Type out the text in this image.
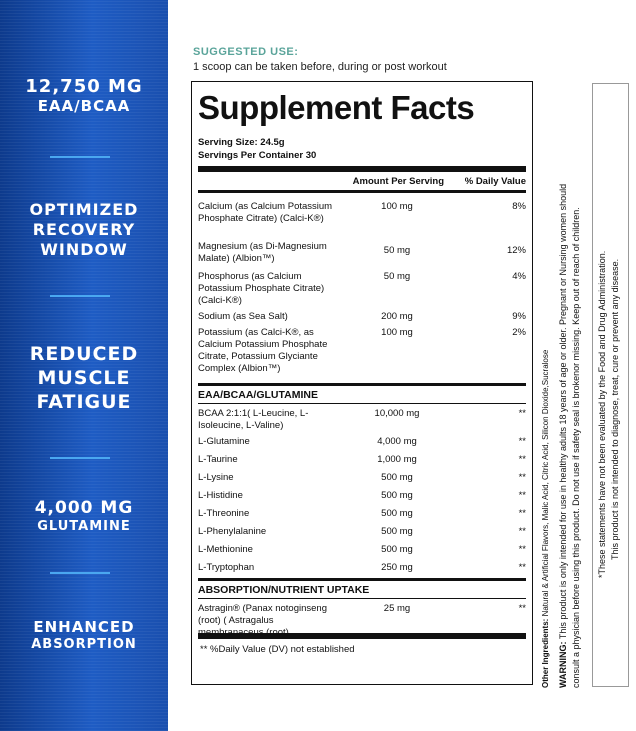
12,750 MG
EAA/BCAA
OPTIMIZED
RECOVERY
WINDOW
REDUCED
MUSCLE
FATIGUE
4,000 MG
GLUTAMINE
ENHANCED
ABSORPTION
SUGGESTED USE:
1 scoop can be taken before, during or post workout
Supplement Facts
Serving Size: 24.5g
Servings Per Container 30
Amount Per Serving	% Daily Value
Calcium (as Calcium Potassium Phosphate Citrate) (Calci-K®)
100 mg	8%
Magnesium (as Di-Magnesium Malate) (Albion™)
50 mg	12%
Phosphorus (as Calcium Potassium Phosphate Citrate) (Calci-K®)
50 mg	4%
Sodium (as Sea Salt)	200 mg	9%
Potassium (as Calci-K®, as Calcium Potassium Phosphate Citrate, Potassium Glyciante Complex (Albion™)
100 mg	2%
EAA/BCAA/GLUTAMINE
BCAA 2:1:1( L-Leucine, L-Isoleucine, L-Valine)
10,000 mg	**
L-Glutamine	4,000 mg	**
L-Taurine	1,000 mg	**
L-Lysine	500 mg	**
L-Histidine	500 mg	**
L-Threonine	500 mg	**
L-Phenylalanine	500 mg	**
L-Methionine	500 mg	**
L-Tryptophan	250 mg	**
ABSORPTION/NUTRIENT UPTAKE
Astragin® (Panax notoginseng (root) ( Astragalus membranaceus (root)
25 mg	**
** %Daily Value (DV) not established	Other Ingredients: Natural & Artificial Flavors, Malic Acid, Citric Acid, Silicon Dioxide,Sucralose
WARNING: This product is only intended for use in healthy adults 18 years of age or older. Pregnant or Nursing women should consult a physician before using this product. Do not use if safety seal is brokenor missing. Keep out of reach of children. *These statements have not been evaluated by the Food and Drug Administration. This product is not intended to diagnose, treat, cure or prevent any disease.
